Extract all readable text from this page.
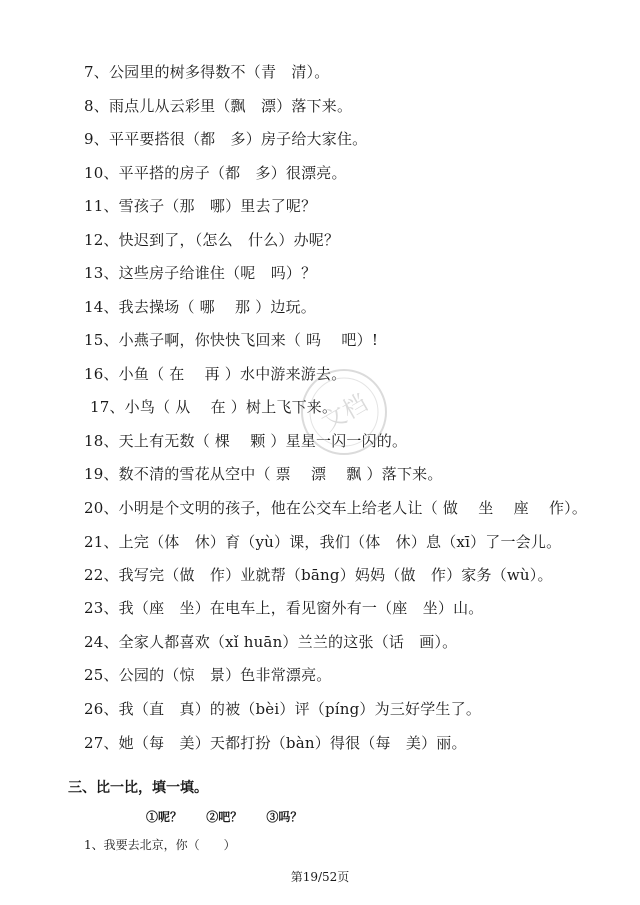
7、公园里的树多得数不（青　清）。
8、雨点儿从云彩里（飘　漂）落下来。
9、平平要搭很（都　多）房子给大家住。
10、平平搭的房子（都　多）很漂亮。
11、雪孩子（那　哪）里去了呢？
12、快迟到了，（怎么　什么）办呢？
13、这些房子给谁住（呢　吗）？
14、我去操场（ 哪　 那 ）边玩。
15、小燕子啊，你快快飞回来（ 吗　 吧）!
16、小鱼（ 在　 再 ）水中游来游去。
17、小鸟（ 从　 在 ）树上飞下来。
18、天上有无数（ 棵　 颗 ）星星一闪一闪的。
19、数不清的雪花从空中（ 票　 漂　 飘 ）落下来。
20、小明是个文明的孩子，他在公交车上给老人让（ 做　 坐　 座　 作）。
21、上完（体　休）育（yù）课，我们（体　休）息（xī）了一会儿。
22、我写完（做　作）业就帮（bāng）妈妈（做　作）家务（wù）。
23、我（座　坐）在电车上，看见窗外有一（座　坐）山。
24、全家人都喜欢（xǐ huān）兰兰的这张（话　画）。
25、公园的（惊　景）色非常漂亮。
26、我（直　真）的被（bèi）评（píng）为三好学生了。
27、她（每　美）天都打扮（bàn）得很（每　美）丽。
三、比一比，填一填。
①呢？ ②吧？ ③吗？
1、我要去北京，你（　　）
第19/52页
文档
